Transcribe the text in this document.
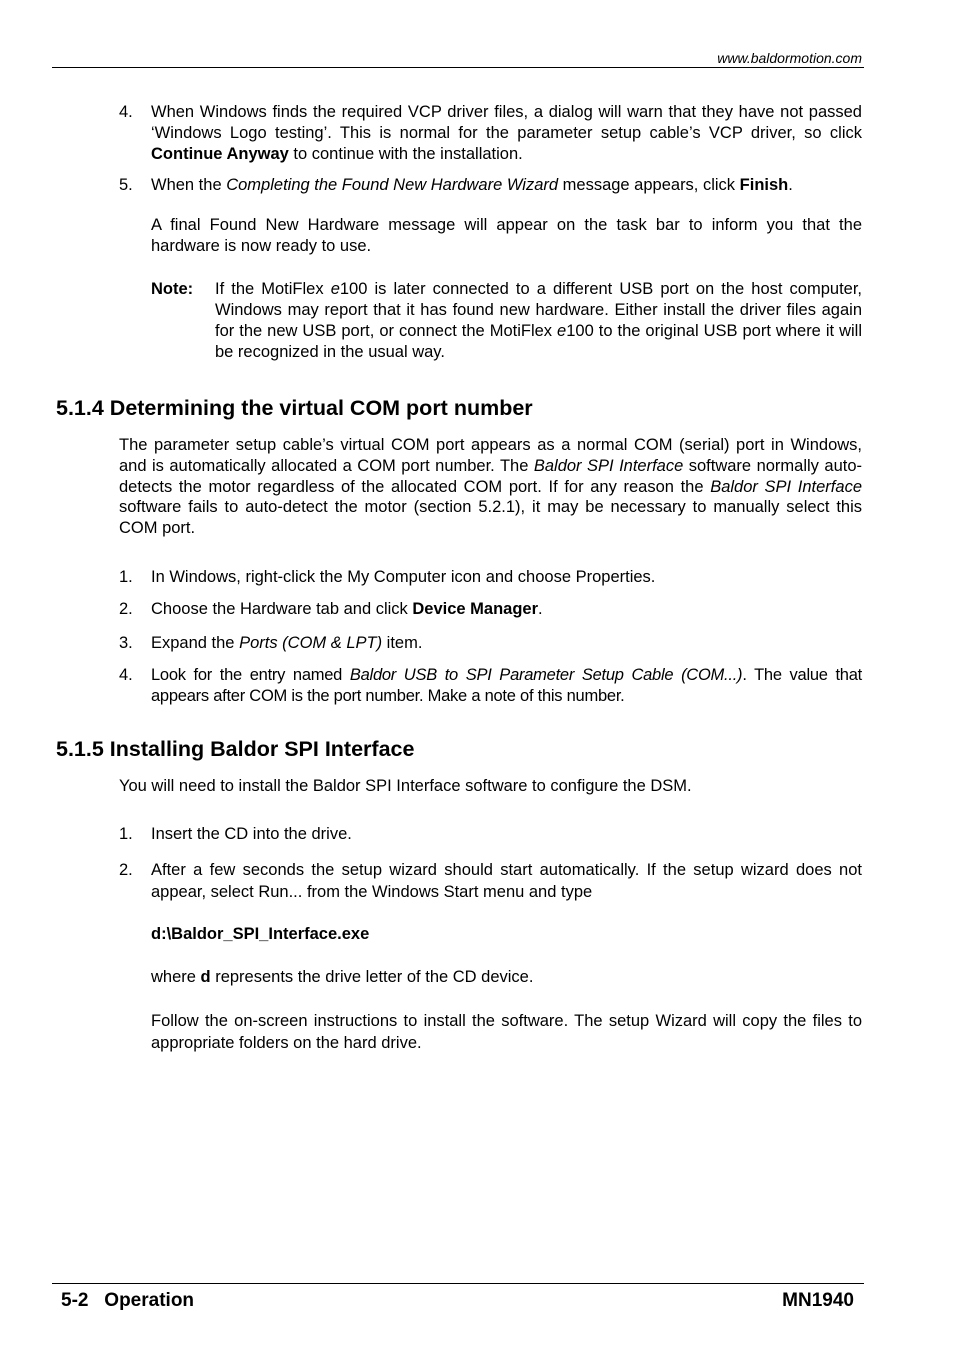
www.baldormotion.com
4. When Windows finds the required VCP driver files, a dialog will warn that they have not passed ‘Windows Logo testing’. This is normal for the parameter setup cable’s VCP driver, so click Continue Anyway to continue with the installation.
5. When the Completing the Found New Hardware Wizard message appears, click Finish.
A final Found New Hardware message will appear on the task bar to inform you that the hardware is now ready to use.
Note: If the MotiFlex e100 is later connected to a different USB port on the host computer, Windows may report that it has found new hardware. Either install the driver files again for the new USB port, or connect the MotiFlex e100 to the original USB port where it will be recognized in the usual way.
5.1.4 Determining the virtual COM port number
The parameter setup cable’s virtual COM port appears as a normal COM (serial) port in Windows, and is automatically allocated a COM port number. The Baldor SPI Interface software normally auto-detects the motor regardless of the allocated COM port. If for any reason the Baldor SPI Interface software fails to auto-detect the motor (section 5.2.1), it may be necessary to manually select this COM port.
1. In Windows, right-click the My Computer icon and choose Properties.
2. Choose the Hardware tab and click Device Manager.
3. Expand the Ports (COM & LPT) item.
4. Look for the entry named Baldor USB to SPI Parameter Setup Cable (COM...). The value that appears after COM is the port number. Make a note of this number.
5.1.5 Installing Baldor SPI Interface
You will need to install the Baldor SPI Interface software to configure the DSM.
1. Insert the CD into the drive.
2. After a few seconds the setup wizard should start automatically. If the setup wizard does not appear, select Run... from the Windows Start menu and type
d:\Baldor_SPI_Interface.exe
where d represents the drive letter of the CD device.
Follow the on-screen instructions to install the software. The setup Wizard will copy the files to appropriate folders on the hard drive.
5-2   Operation	MN1940
